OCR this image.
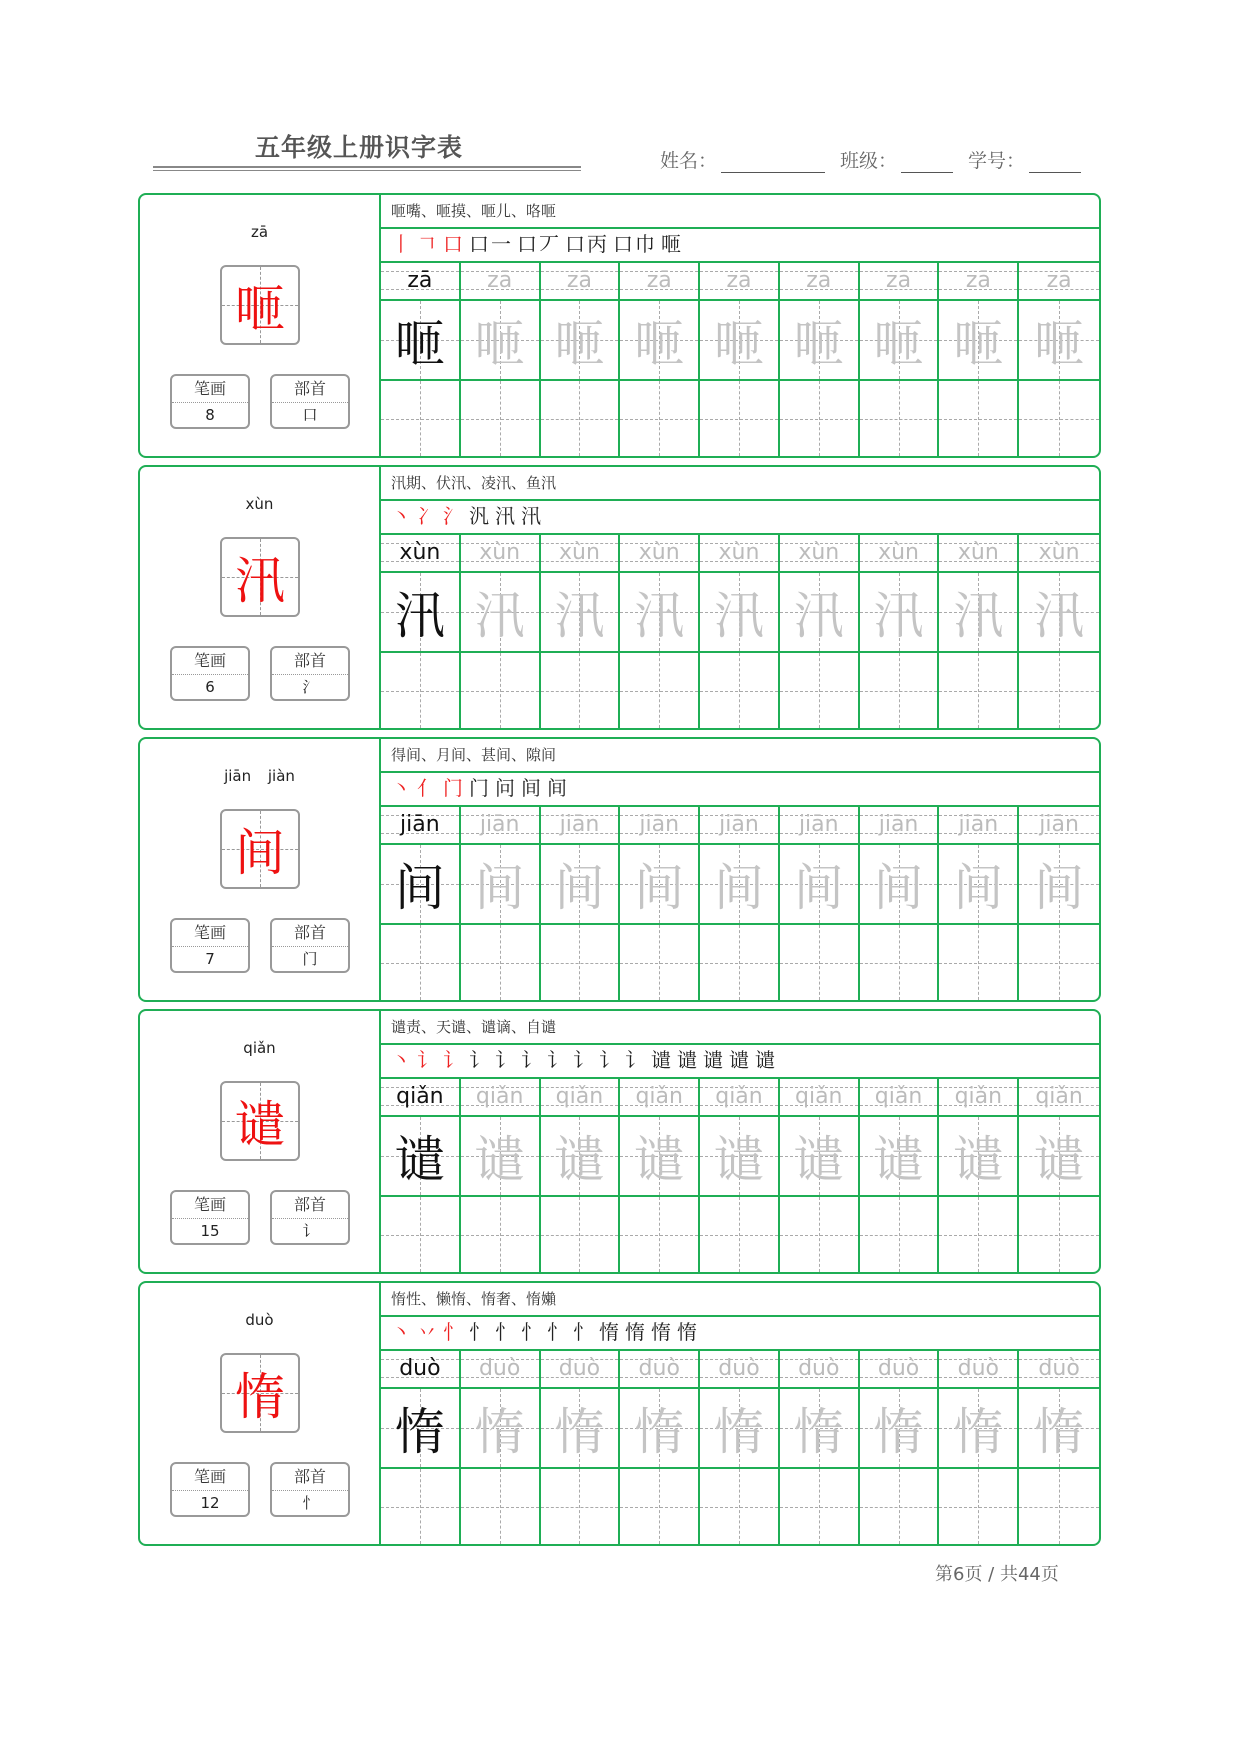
五年级上册识字表	姓名：	班级：	学号：
zā
咂
笔画
8
部首
口
咂嘴、咂摸、咂儿、咯咂
丨 𠃍 口 口一 口丆 口丙 口巾 咂
zā zā zā zā zā zā zā zā	zā
咂 咂 咂 咂 咂 咂 咂 咂 咂
xùn
汛
笔画
6
部首
氵
汛期、伏汛、凌汛、鱼汛
丶 冫 氵 汎 汛 汛
xùn xùn xùn xùn xùn xùn xùn xùn xùn
汛 汛 汛 汛 汛 汛 汛 汛 汛
jiān jiàn
间
笔画
7
部首
门
得间、月间、甚间、隙间
丶 亻 门 门 问 间 间
jiān jiān jiān jiān jiān jiān jiān jiān jiān
间 间 间 间 间 间 间 间 间
qiǎn
谴
笔画
15
部首
讠
谴责、天谴、谴谪、自谴
丶 讠 讠 讠 讠 讠 讠 讠 讠 讠 谴 谴 谴 谴 谴
qiǎn qiǎn qiǎn qiǎn qiǎn qiǎn qiǎn qiǎn qiǎn
谴 谴 谴 谴 谴 谴 谴 谴 谴
duò
惰
笔画
12
部首
忄
惰性、懒惰、惰奢、惰嬾
丶 丷 忄 忄 忄 忄 忄 忄 惰 惰 惰 惰
duò duò duò duò duò duò duò duò duò
惰 惰 惰 惰 惰 惰 惰 惰 惰
第6页 / 共44页
